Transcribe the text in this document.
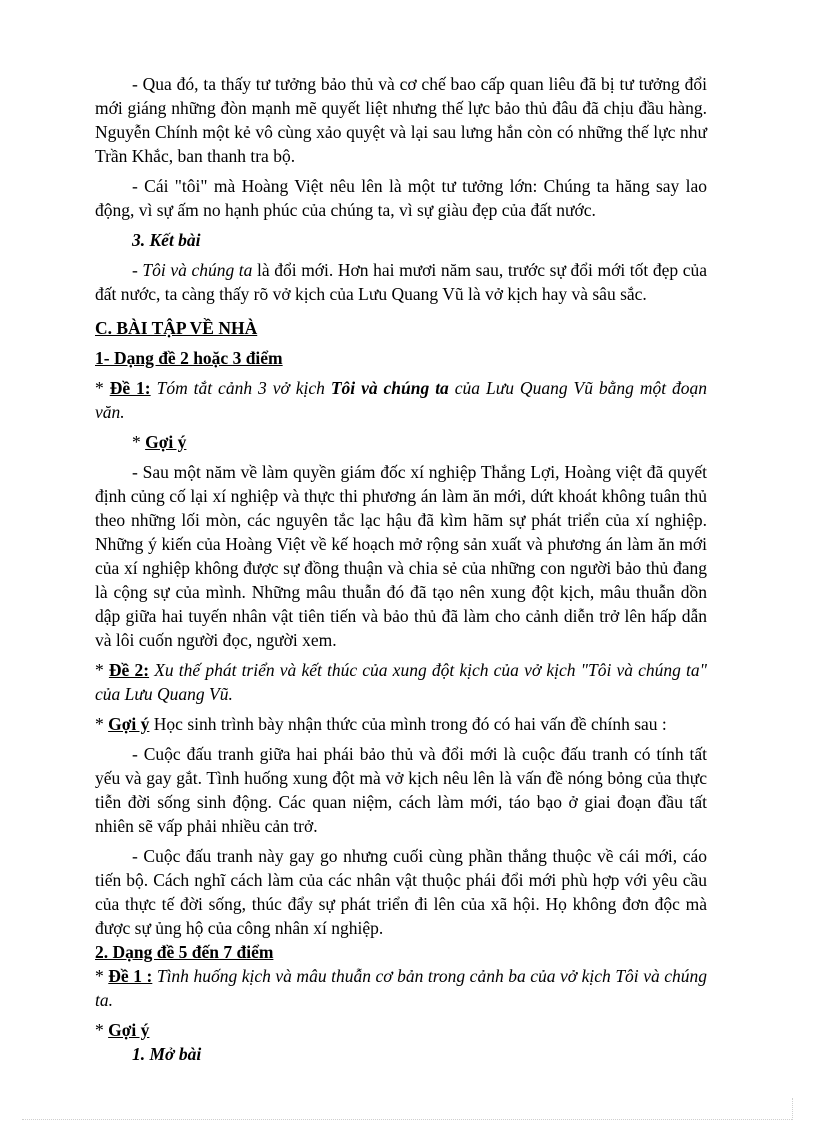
- Qua đó, ta thấy tư tưởng bảo thủ và cơ chế bao cấp quan liêu đã bị tư tưởng đổi mới giáng những đòn mạnh mẽ quyết liệt nhưng thế lực bảo thủ đâu đã chịu đầu hàng. Nguyễn Chính một kẻ vô cùng xảo quyệt và lại sau lưng hắn còn có những thế lực như Trần Khắc, ban thanh tra bộ.

- Cái "tôi" mà Hoàng Việt nêu lên là một tư tưởng lớn: Chúng ta hăng say lao động, vì sự ấm no hạnh phúc của chúng ta, vì sự giàu đẹp của đất nước.

3. Kết bài

- Tôi và chúng ta là đổi mới. Hơn hai mươi năm sau, trước sự đổi mới tốt đẹp của đất nước, ta càng thấy rõ vở kịch của Lưu Quang Vũ là vở kịch hay và sâu sắc.

C. BÀI TẬP VỀ NHÀ

1- Dạng đề 2 hoặc 3 điểm

* Đề 1: Tóm tắt cảnh 3 vở kịch Tôi và chúng ta của Lưu Quang Vũ bằng một đoạn văn.

* Gợi ý

- Sau một năm về làm quyền giám đốc xí nghiệp Thắng Lợi, Hoàng việt đã quyết định củng cố lại xí nghiệp và thực thi phương án làm ăn mới, dứt khoát không tuân thủ theo những lối mòn, các nguyên tắc lạc hậu đã kìm hãm sự phát triển của xí nghiệp. Những ý kiến của Hoàng Việt về kế hoạch mở rộng sản xuất và phương án làm ăn mới của xí nghiệp không được sự đồng thuận và chia sẻ của những con người bảo thủ đang là cộng sự của mình. Những mâu thuẫn đó đã tạo nên xung đột kịch, mâu thuẫn dồn dập giữa hai tuyến nhân vật tiên tiến và bảo thủ đã làm cho cảnh diễn trở lên hấp dẫn và lôi cuốn người đọc, người xem.

* Đề 2: Xu thế phát triển và kết thúc của xung đột kịch của vở kịch "Tôi và chúng ta" của Lưu Quang Vũ.

* Gợi ý Học sinh trình bày nhận thức của mình trong đó có hai vấn đề chính sau :

- Cuộc đấu tranh giữa hai phái bảo thủ và đổi mới là cuộc đấu tranh có tính tất yếu và gay gắt. Tình huống xung đột mà vở kịch nêu lên là vấn đề nóng bỏng của thực tiễn đời sống sinh động. Các quan niệm, cách làm mới, táo bạo ở giai đoạn đầu tất nhiên sẽ vấp phải nhiều cản trở.

- Cuộc đấu tranh này gay go nhưng cuối cùng phần thắng thuộc về cái mới, cáo tiến bộ. Cách nghĩ cách làm của các nhân vật thuộc phái đổi mới phù hợp với yêu cầu của thực tế đời sống, thúc đẩy sự phát triển đi lên của xã hội. Họ không đơn độc mà được sự ủng hộ của công nhân xí nghiệp.

2. Dạng đề 5 đến 7 điểm

* Đề 1 : Tình huống kịch và mâu thuẫn cơ bản trong cảnh ba của vở kịch Tôi và chúng ta.

* Gợi ý

1. Mở bài
